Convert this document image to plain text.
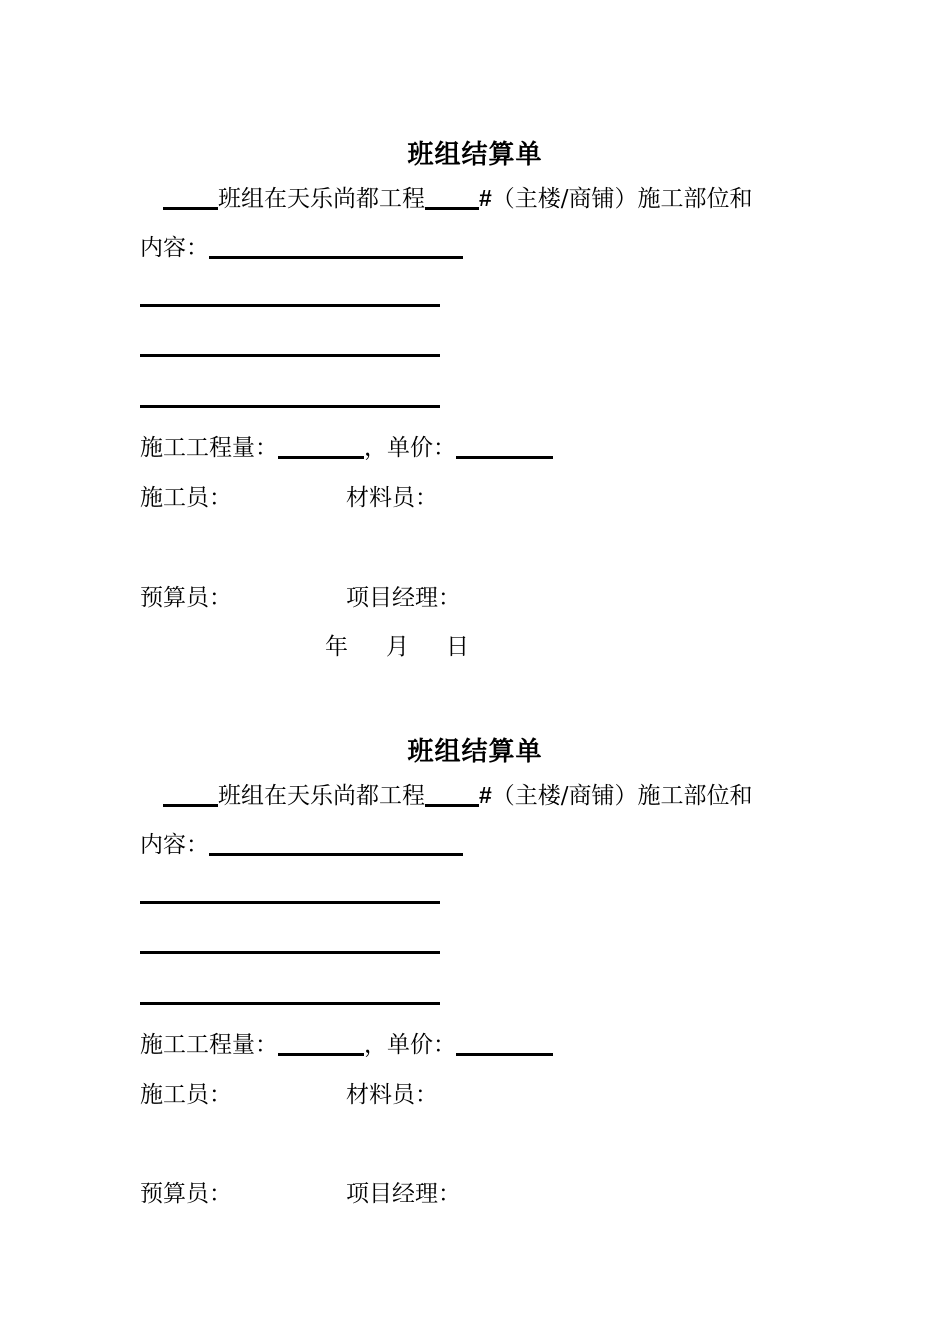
班组结算单
班组在天乐尚都工程 #（主楼/商铺）施工部位和
内容：
施工工程量：	，单价：
施工员：	材料员：
预算员：	项目经理：
年 月 日
班组结算单
班组在天乐尚都工程 #（主楼/商铺）施工部位和
内容：
施工工程量：	，单价：
施工员：	材料员：
预算员：	项目经理：
